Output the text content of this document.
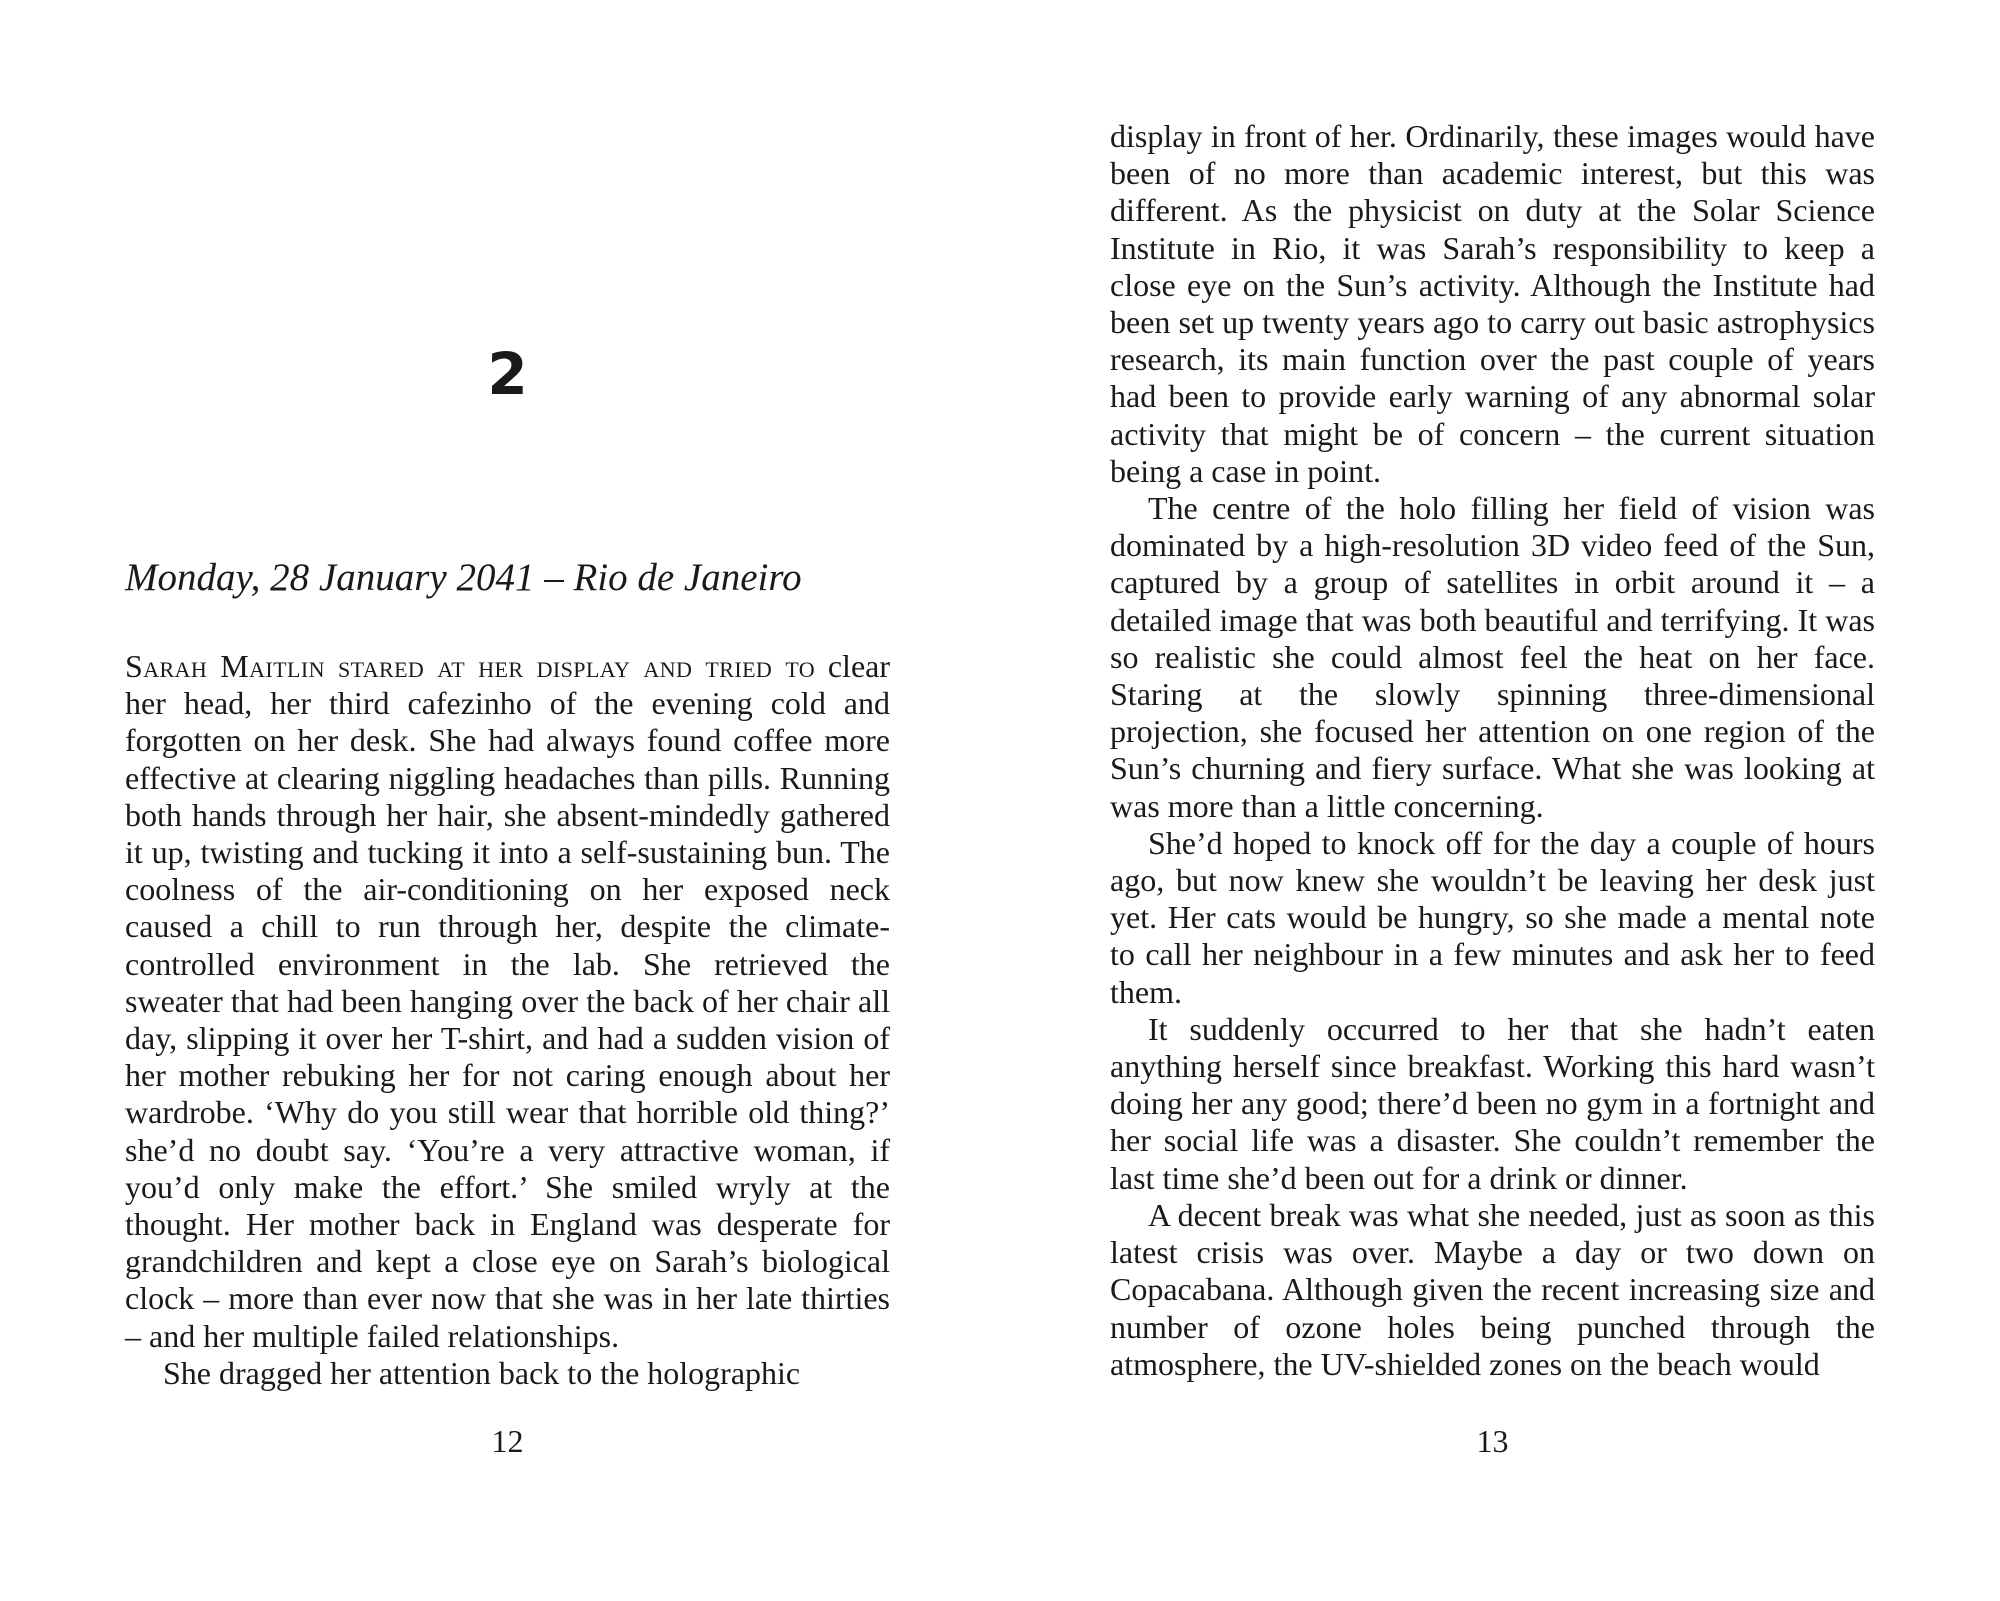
2
Monday, 28 January 2041 – Rio de Janeiro

Sarah Maitlin stared at her display and tried to clear her head, her third cafezinho of the evening cold and forgotten on her desk. She had always found coffee more effective at clearing niggling headaches than pills. Running both hands through her hair, she absent-mindedly gathered it up, twisting and tucking it into a self-sustaining bun. The coolness of the air-conditioning on her exposed neck caused a chill to run through her, despite the climate-controlled environment in the lab. She retrieved the sweater that had been hanging over the back of her chair all day, slipping it over her T-shirt, and had a sudden vision of her mother rebuking her for not caring enough about her wardrobe. ‘Why do you still wear that horrible old thing?’ she’d no doubt say. ‘You’re a very attractive woman, if you’d only make the effort.’ She smiled wryly at the thought. Her mother back in England was desperate for grandchildren and kept a close eye on Sarah’s biological clock – more than ever now that she was in her late thirties – and her multiple failed relationships.

She dragged her attention back to the holographic

12

display in front of her. Ordinarily, these images would have been of no more than academic interest, but this was different. As the physicist on duty at the Solar Science Institute in Rio, it was Sarah’s responsibility to keep a close eye on the Sun’s activity. Although the Institute had been set up twenty years ago to carry out basic astrophysics research, its main function over the past couple of years had been to provide early warning of any abnormal solar activity that might be of concern – the current situation being a case in point.

The centre of the holo filling her field of vision was dominated by a high-resolution 3D video feed of the Sun, captured by a group of satellites in orbit around it – a detailed image that was both beautiful and terrifying. It was so realistic she could almost feel the heat on her face. Staring at the slowly spinning three-dimensional projection, she focused her attention on one region of the Sun’s churning and fiery surface. What she was looking at was more than a little concerning.

She’d hoped to knock off for the day a couple of hours ago, but now knew she wouldn’t be leaving her desk just yet. Her cats would be hungry, so she made a mental note to call her neighbour in a few minutes and ask her to feed them.

It suddenly occurred to her that she hadn’t eaten anything herself since breakfast. Working this hard wasn’t doing her any good; there’d been no gym in a fortnight and her social life was a disaster. She couldn’t remember the last time she’d been out for a drink or dinner.

A decent break was what she needed, just as soon as this latest crisis was over. Maybe a day or two down on Copacabana. Although given the recent increasing size and number of ozone holes being punched through the atmosphere, the UV-shielded zones on the beach would

13
